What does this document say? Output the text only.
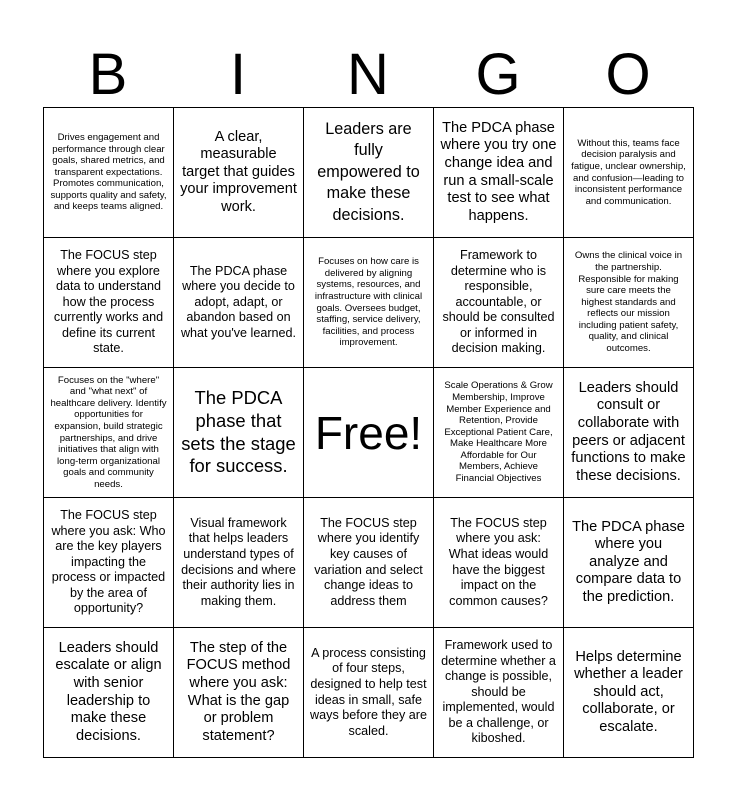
B	I	N	G	O
Drives engagement and performance through clear goals, shared metrics, and transparent expectations. Promotes communication, supports quality and safety, and keeps teams aligned.	A clear, measurable target that guides your improvement work.	Leaders are fully empowered to make these decisions.	The PDCA phase where you try one change idea and run a small-scale test to see what happens.	Without this, teams face decision paralysis and fatigue, unclear ownership, and confusion—leading to inconsistent performance and communication.
The FOCUS step where you explore data to understand how the process currently works and define its current state.	The PDCA phase where you decide to adopt, adapt, or abandon based on what you've learned.	Focuses on how care is delivered by aligning systems, resources, and infrastructure with clinical goals. Oversees budget, staffing, service delivery, facilities, and process improvement.	Framework to determine who is responsible, accountable, or should be consulted or informed in decision making.	Owns the clinical voice in the partnership. Responsible for making sure care meets the highest standards and reflects our mission including patient safety, quality, and clinical outcomes.
Focuses on the "where" and "what next" of healthcare delivery. Identify opportunities for expansion, build strategic partnerships, and drive initiatives that align with long-term organizational goals and community needs.	The PDCA phase that sets the stage for success.	Free!	Scale Operations & Grow Membership, Improve Member Experience and Retention, Provide Exceptional Patient Care, Make Healthcare More Affordable for Our Members, Achieve Financial Objectives	Leaders should consult or collaborate with peers or adjacent functions to make these decisions.
The FOCUS step where you ask: Who are the key players impacting the process or impacted by the area of opportunity?	Visual framework that helps leaders understand types of decisions and where their authority lies in making them.	The FOCUS step where you identify key causes of variation and select change ideas to address them	The FOCUS step where you ask: What ideas would have the biggest impact on the common causes?	The PDCA phase where you analyze and compare data to the prediction.
Leaders should escalate or align with senior leadership to make these decisions.	The step of the FOCUS method where you ask: What is the gap or problem statement?	A process consisting of four steps, designed to help test ideas in small, safe ways before they are scaled.	Framework used to determine whether a change is possible, should be implemented, would be a challenge, or kiboshed.	Helps determine whether a leader should act, collaborate, or escalate.
